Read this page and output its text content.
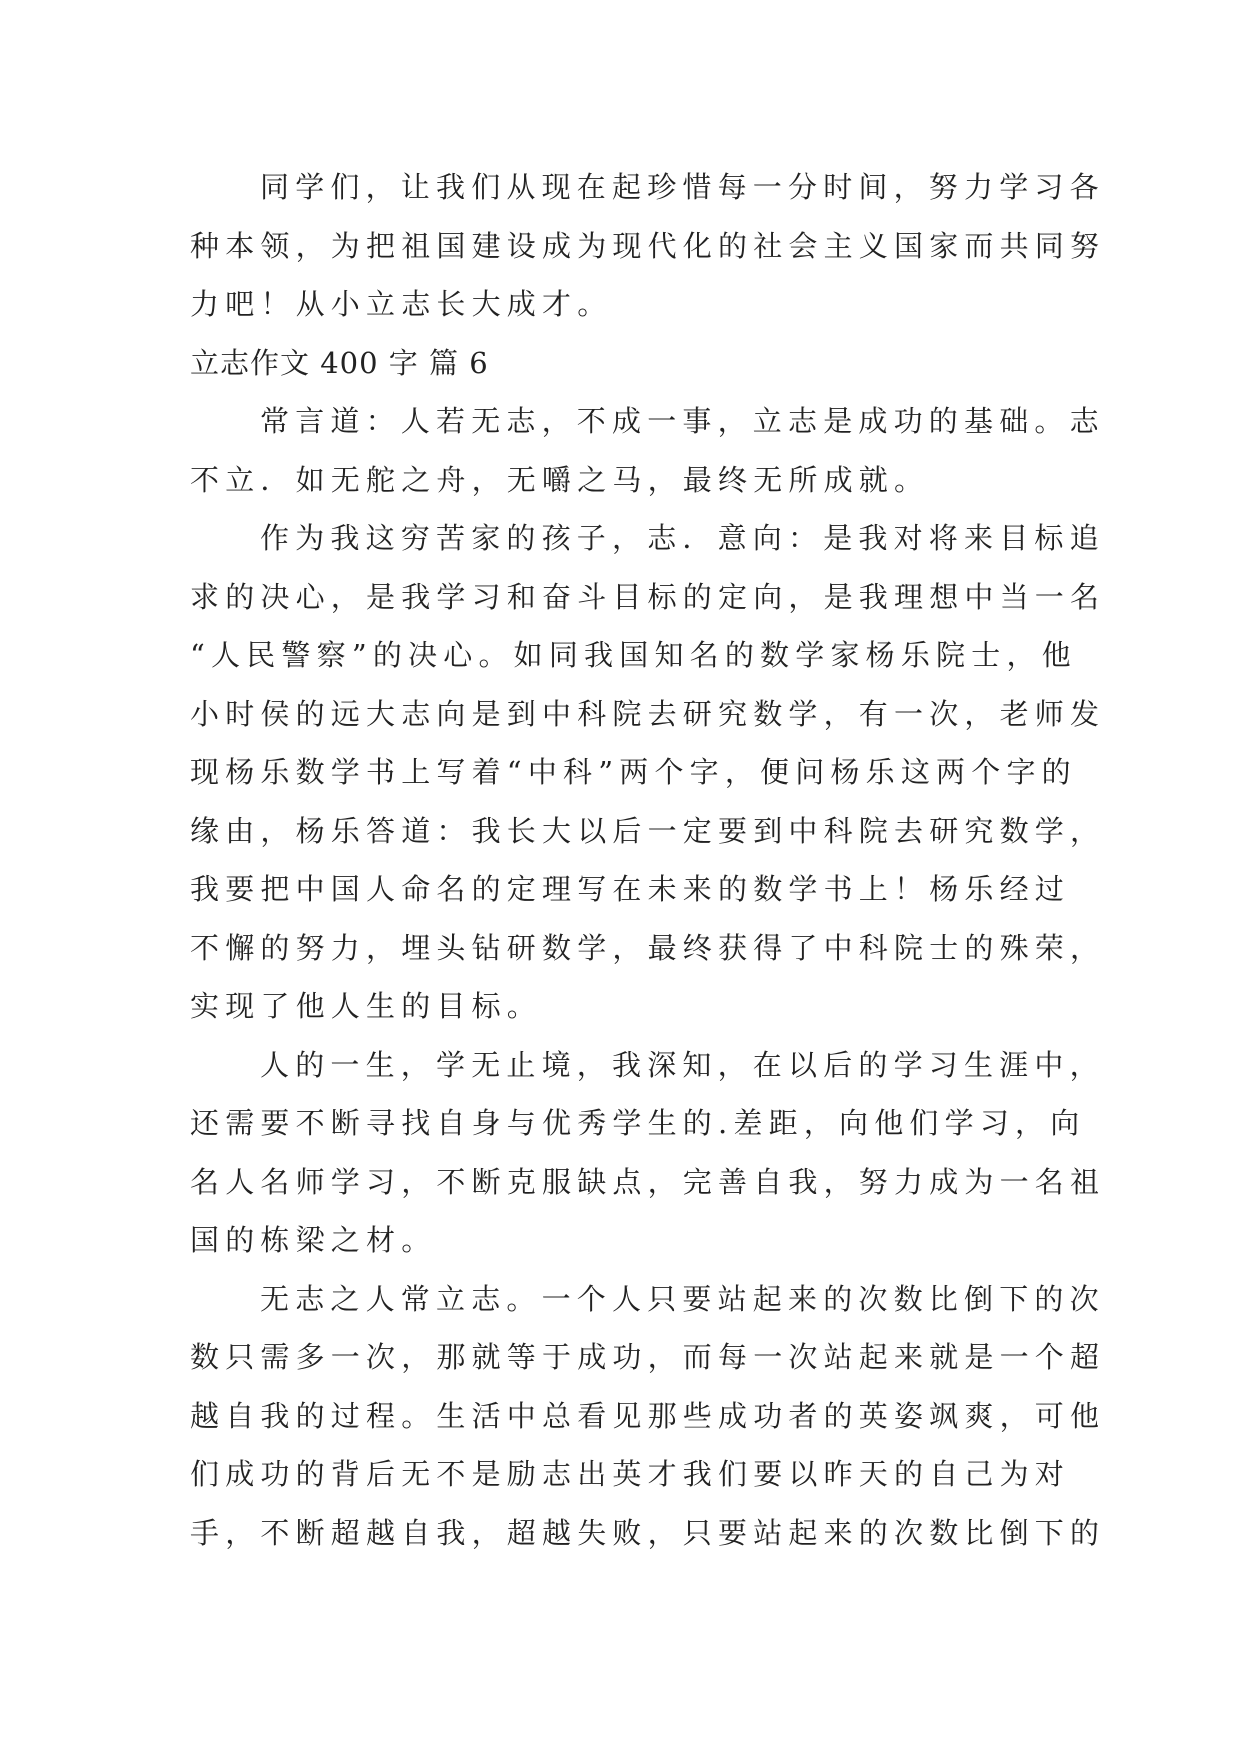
同学们，让我们从现在起珍惜每一分时间，努力学习各
种本领，为把祖国建设成为现代化的社会主义国家而共同努
力吧！从小立志长大成才。

立志作文 400 字 篇 6

常言道：人若无志，不成一事，立志是成功的基础。志
不立．如无舵之舟，无嚼之马，最终无所成就。

作为我这穷苦家的孩子，志．意向：是我对将来目标追
求的决心，是我学习和奋斗目标的定向，是我理想中当一名
“人民警察”的决心。如同我国知名的数学家杨乐院士，他
小时侯的远大志向是到中科院去研究数学，有一次，老师发
现杨乐数学书上写着“中科”两个字，便问杨乐这两个字的
缘由，杨乐答道：我长大以后一定要到中科院去研究数学，
我要把中国人命名的定理写在未来的数学书上！杨乐经过
不懈的努力，埋头钻研数学，最终获得了中科院士的殊荣，
实现了他人生的目标。

人的一生，学无止境，我深知，在以后的学习生涯中，
还需要不断寻找自身与优秀学生的.差距，向他们学习，向
名人名师学习，不断克服缺点，完善自我，努力成为一名祖
国的栋梁之材。

无志之人常立志。一个人只要站起来的次数比倒下的次
数只需多一次，那就等于成功，而每一次站起来就是一个超
越自我的过程。生活中总看见那些成功者的英姿飒爽，可他
们成功的背后无不是励志出英才我们要以昨天的自己为对
手，不断超越自我，超越失败，只要站起来的次数比倒下的
